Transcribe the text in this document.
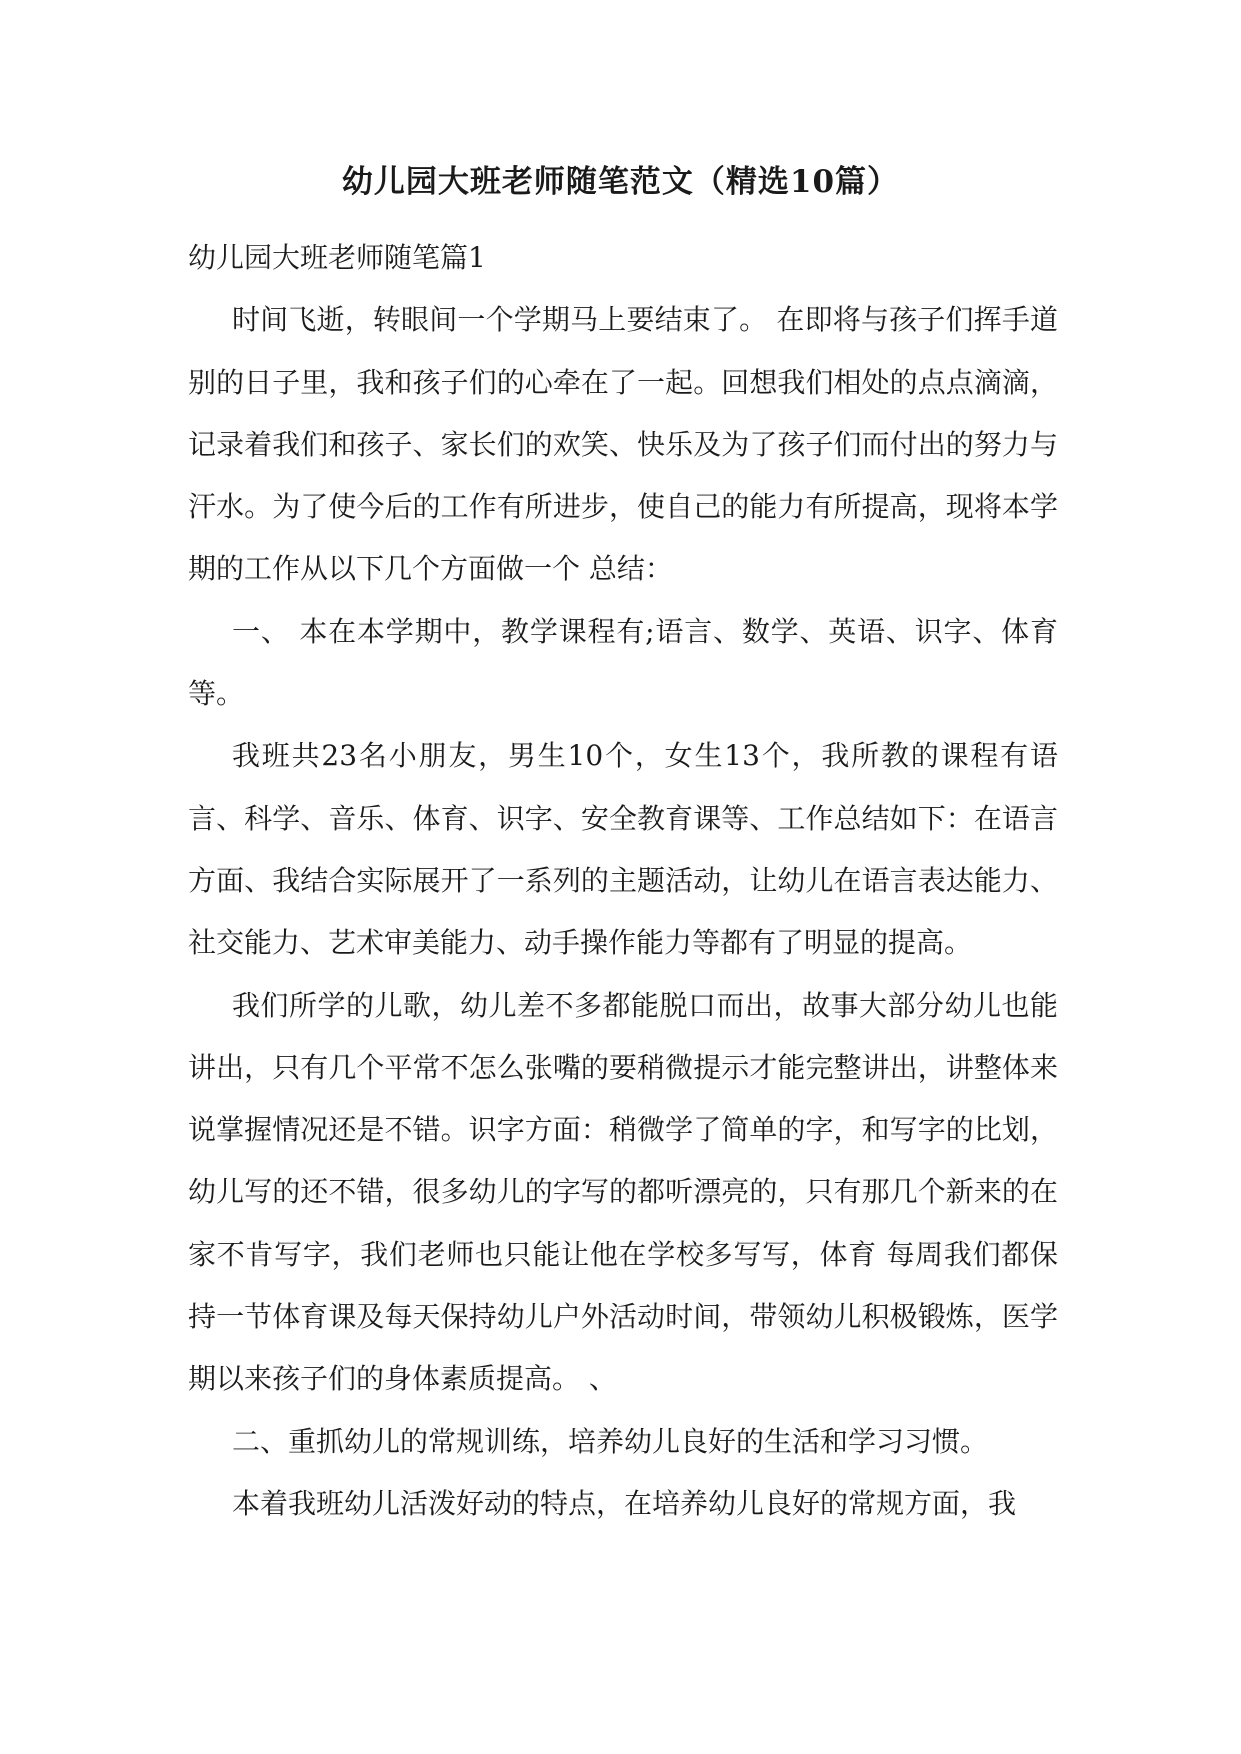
幼儿园大班老师随笔范文（精选10篇）

幼儿园大班老师随笔篇1

时间飞逝，转眼间一个学期马上要结束了。 在即将与孩子们挥手道别的日子里，我和孩子们的心牵在了一起。回想我们相处的点点滴滴，记录着我们和孩子、家长们的欢笑、快乐及为了孩子们而付出的努力与汗水。为了使今后的工作有所进步，使自己的能力有所提高，现将本学期的工作从以下几个方面做一个 总结：

一、 本在本学期中，教学课程有;语言、数学、英语、识字、体育等。

我班共23名小朋友，男生10个，女生13个，我所教的课程有语言、科学、音乐、体育、识字、安全教育课等、工作总结如下：在语言方面、我结合实际展开了一系列的主题活动，让幼儿在语言表达能力、社交能力、艺术审美能力、动手操作能力等都有了明显的提高。

我们所学的儿歌，幼儿差不多都能脱口而出，故事大部分幼儿也能讲出，只有几个平常不怎么张嘴的要稍微提示才能完整讲出，讲整体来说掌握情况还是不错。识字方面：稍微学了简单的字，和写字的比划，幼儿写的还不错，很多幼儿的字写的都听漂亮的，只有那几个新来的在家不肯写字，我们老师也只能让他在学校多写写，体育 每周我们都保持一节体育课及每天保持幼儿户外活动时间，带领幼儿积极锻炼，医学期以来孩子们的身体素质提高。 、

二、重抓幼儿的常规训练，培养幼儿良好的生活和学习习惯。

本着我班幼儿活泼好动的特点，在培养幼儿良好的常规方面，我
